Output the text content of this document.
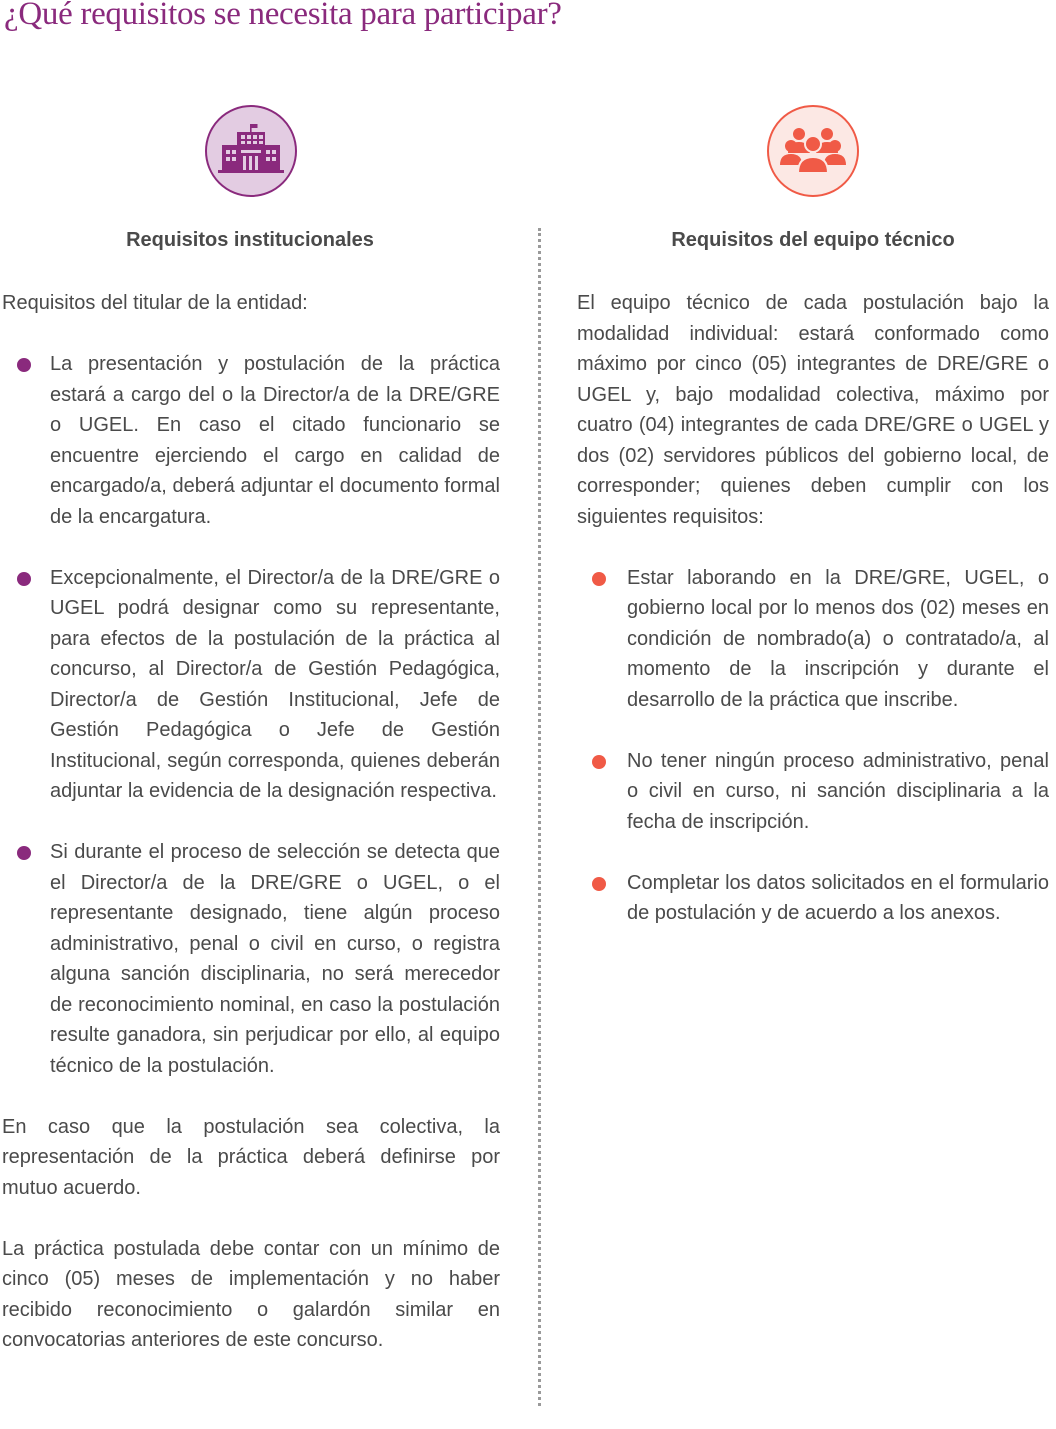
¿Qué requisitos se necesita para participar?
Requisitos institucionales	Requisitos del equipo técnico

Requisitos del titular de la entidad:

La presentación y postulación de la práctica estará a cargo del o la Director/a de la DRE/GRE o UGEL. En caso el citado funcionario se encuentre ejerciendo el cargo en calidad de encargado/a, deberá adjuntar el documento formal de la encargatura.
Excepcionalmente, el Director/a de la DRE/GRE o UGEL podrá designar como su representante, para efectos de la postulación de la práctica al concurso, al Director/a de Gestión Pedagógica, Director/a de Gestión Institucional, Jefe de Gestión Pedagógica o Jefe de Gestión Institucional, según corresponda, quienes deberán adjuntar la evidencia de la designación respectiva.
Si durante el proceso de selección se detecta que el Director/a de la DRE/GRE o UGEL, o el representante designado, tiene algún proceso administrativo, penal o civil en curso, o registra alguna sanción disciplinaria, no será merecedor de reconocimiento nominal, en caso la postulación resulte ganadora, sin perjudicar por ello, al equipo técnico de la postulación.

En caso que la postulación sea colectiva, la representación de la práctica deberá definirse por mutuo acuerdo.

La práctica postulada debe contar con un mínimo de cinco (05) meses de implementación y no haber recibido reconocimiento o galardón similar en convocatorias anteriores de este concurso.

El equipo técnico de cada postulación bajo la modalidad individual: estará conformado como máximo por cinco (05) integrantes de DRE/GRE o UGEL y, bajo modalidad colectiva, máximo por cuatro (04) integrantes de cada DRE/GRE o UGEL y dos (02) servidores públicos del gobierno local, de corresponder; quienes deben cumplir con los siguientes requisitos:

Estar laborando en la DRE/GRE, UGEL, o gobierno local por lo menos dos (02) meses en condición de nombrado(a) o contratado/a, al momento de la inscripción y durante el desarrollo de la práctica que inscribe.
No tener ningún proceso administrativo, penal o civil en curso, ni sanción disciplinaria a la fecha de inscripción.
Completar los datos solicitados en el formulario de postulación y de acuerdo a los anexos.
